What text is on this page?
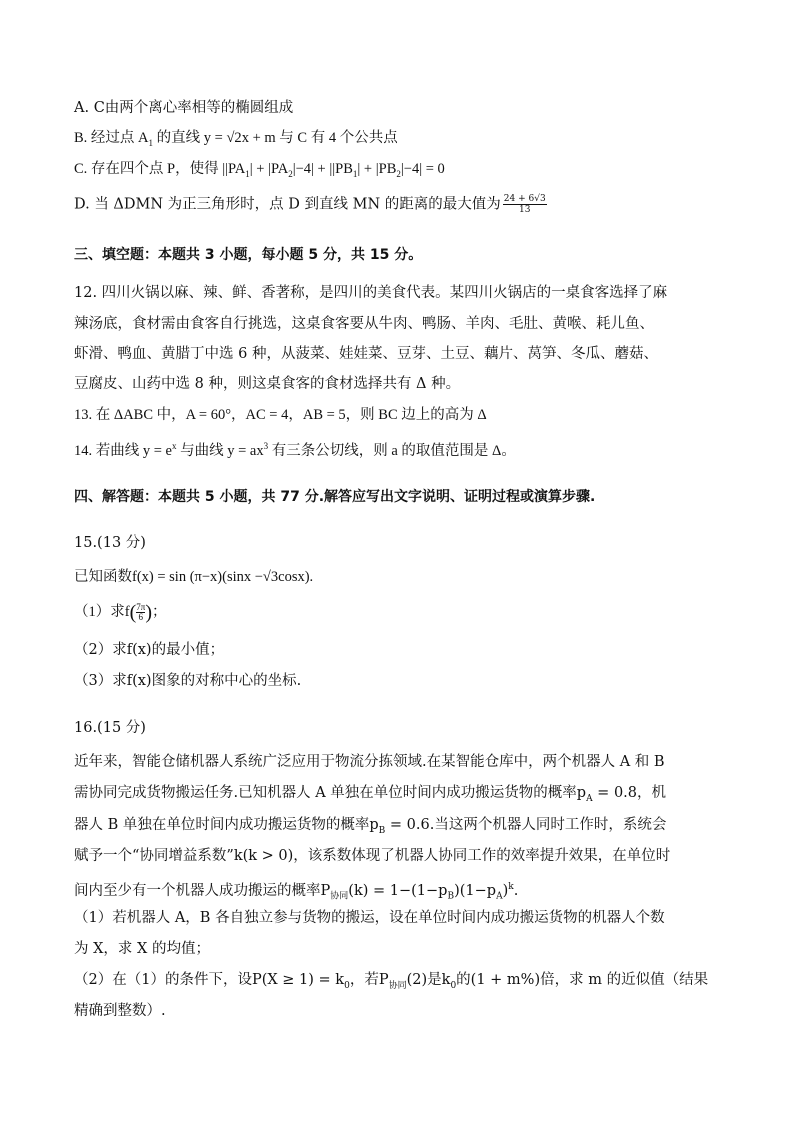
A. C由两个离心率相等的椭圆组成
B. 经过点 $A_1$ 的直线 y = √2x + m 与 C 有 4 个公共点
C. 存在四个点 P，使得 $||PA_1| + |PA_2|-4| + ||PB_1| + |PB_2|-4| = 0$
D. 当 ΔDMN 为正三角形时，点 D 到直线 MN 的距离的最大值为 $\frac{24 + 6√3}{13}$
三、填空题：本题共 3 小题，每小题 5 分，共 15 分。
12. 四川火锅以麻、辣、鲜、香著称，是四川的美食代表。某四川火锅店的一桌食客选择了麻
辣汤底，食材需由食客自行挑选，这桌食客要从牛肉、鸭肠、羊肉、毛肚、黄喉、耗儿鱼、
虾滑、鸭血、黄腊丁中选 6 种，从菠菜、娃娃菜、豆芽、土豆、藕片、莴笋、冬瓜、蘑菇、
豆腐皮、山药中选 8 种，则这桌食客的食材选择共有 Δ 种。
13. 在 ΔABC 中，A = 60°，AC = 4，AB = 5，则 BC 边上的高为 Δ
14. 若曲线 $y = e^x$ 与曲线 $y = ax^3$ 有三条公切线，则 a 的取值范围是 Δ。
四、解答题：本题共 5 小题，共 77 分.解答应写出文字说明、证明过程或演算步骤.
15.(13 分)
已知函数f(x) = sin (π−x)(sinx −√3cosx).
（1）求$f( \frac{7\pi}{6})$；
（2）求f(x)的最小值；
（3）求f(x)图象的对称中心的坐标.
16.(15 分)
近年来，智能仓储机器人系统广泛应用于物流分拣领域.在某智能仓库中，两个机器人 A 和 B
需协同完成货物搬运任务.已知机器人 A 单独在单位时间内成功搬运货物的概率$p_A = 0.8$，机
器人 B 单独在单位时间内成功搬运货物的概率$p_B = 0.6$.当这两个机器人同时工作时，系统会
赋予一个“协同增益系数”k(k > 0)，该系数体现了机器人协同工作的效率提升效果，在单位时
间内至少有一个机器人成功搬运的概率$P_{协同}(k) = 1-(1-p_B)(1-p_A)^k$.
（1）若机器人 A，B 各自独立参与货物的搬运，设在单位时间内成功搬运货物的机器人个数
为 X，求 X 的均值；
（2）在（1）的条件下，设$P(X \ge 1) = k_0$，若$P_{协同}(2)$是$k_0$的(1 + m%)倍，求 m 的近似值（结果
精确到整数）.
